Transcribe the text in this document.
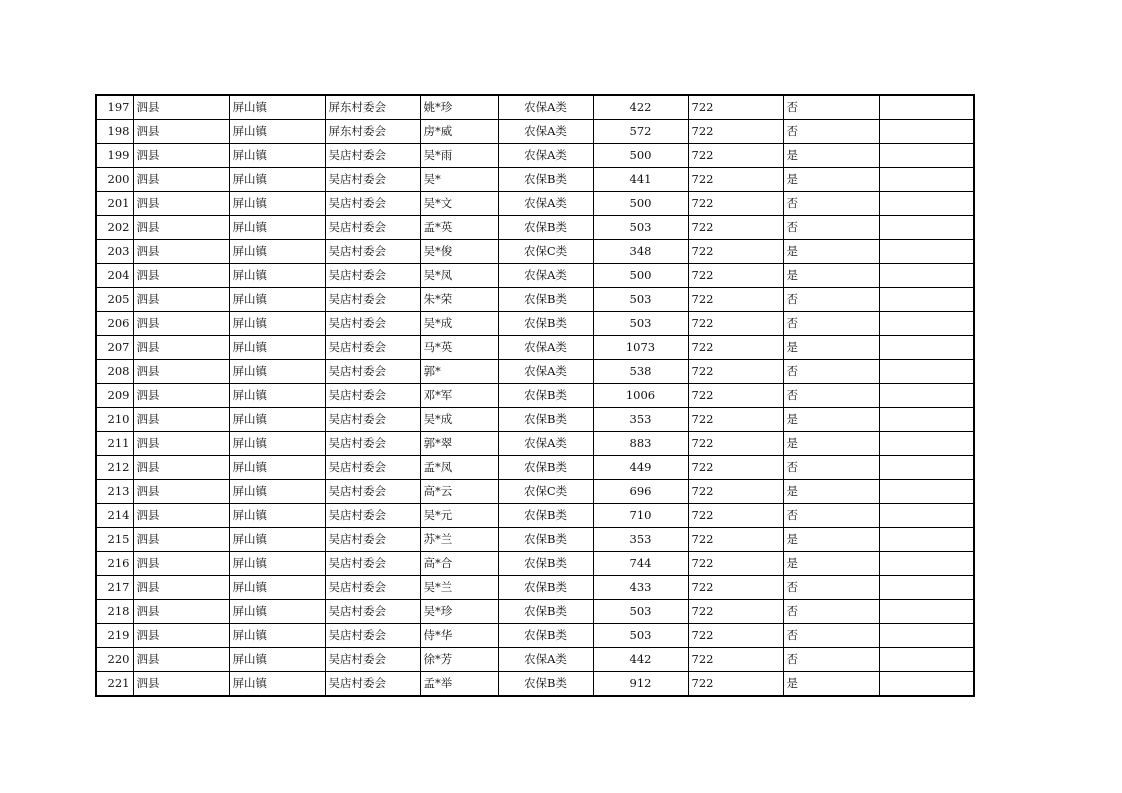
197	泗县	屏山镇	屏东村委会	姚*珍	农保A类	422	722	否	
198	泗县	屏山镇	屏东村委会	房*威	农保A类	572	722	否	
199	泗县	屏山镇	吴店村委会	吴*雨	农保A类	500	722	是	
200	泗县	屏山镇	吴店村委会	吴*	农保B类	441	722	是	
201	泗县	屏山镇	吴店村委会	吴*文	农保A类	500	722	否	
202	泗县	屏山镇	吴店村委会	孟*英	农保B类	503	722	否	
203	泗县	屏山镇	吴店村委会	吴*俊	农保C类	348	722	是	
204	泗县	屏山镇	吴店村委会	吴*凤	农保A类	500	722	是	
205	泗县	屏山镇	吴店村委会	朱*荣	农保B类	503	722	否	
206	泗县	屏山镇	吴店村委会	吴*成	农保B类	503	722	否	
207	泗县	屏山镇	吴店村委会	马*英	农保A类	1073	722	是	
208	泗县	屏山镇	吴店村委会	郭*	农保A类	538	722	否	
209	泗县	屏山镇	吴店村委会	邓*军	农保B类	1006	722	否	
210	泗县	屏山镇	吴店村委会	吴*成	农保B类	353	722	是	
211	泗县	屏山镇	吴店村委会	郭*翠	农保A类	883	722	是	
212	泗县	屏山镇	吴店村委会	孟*凤	农保B类	449	722	否	
213	泗县	屏山镇	吴店村委会	高*云	农保C类	696	722	是	
214	泗县	屏山镇	吴店村委会	吴*元	农保B类	710	722	否	
215	泗县	屏山镇	吴店村委会	苏*兰	农保B类	353	722	是	
216	泗县	屏山镇	吴店村委会	高*合	农保B类	744	722	是	
217	泗县	屏山镇	吴店村委会	吴*兰	农保B类	433	722	否	
218	泗县	屏山镇	吴店村委会	吴*珍	农保B类	503	722	否	
219	泗县	屏山镇	吴店村委会	侍*华	农保B类	503	722	否	
220	泗县	屏山镇	吴店村委会	徐*芳	农保A类	442	722	否	
221	泗县	屏山镇	吴店村委会	孟*举	农保B类	912	722	是	
